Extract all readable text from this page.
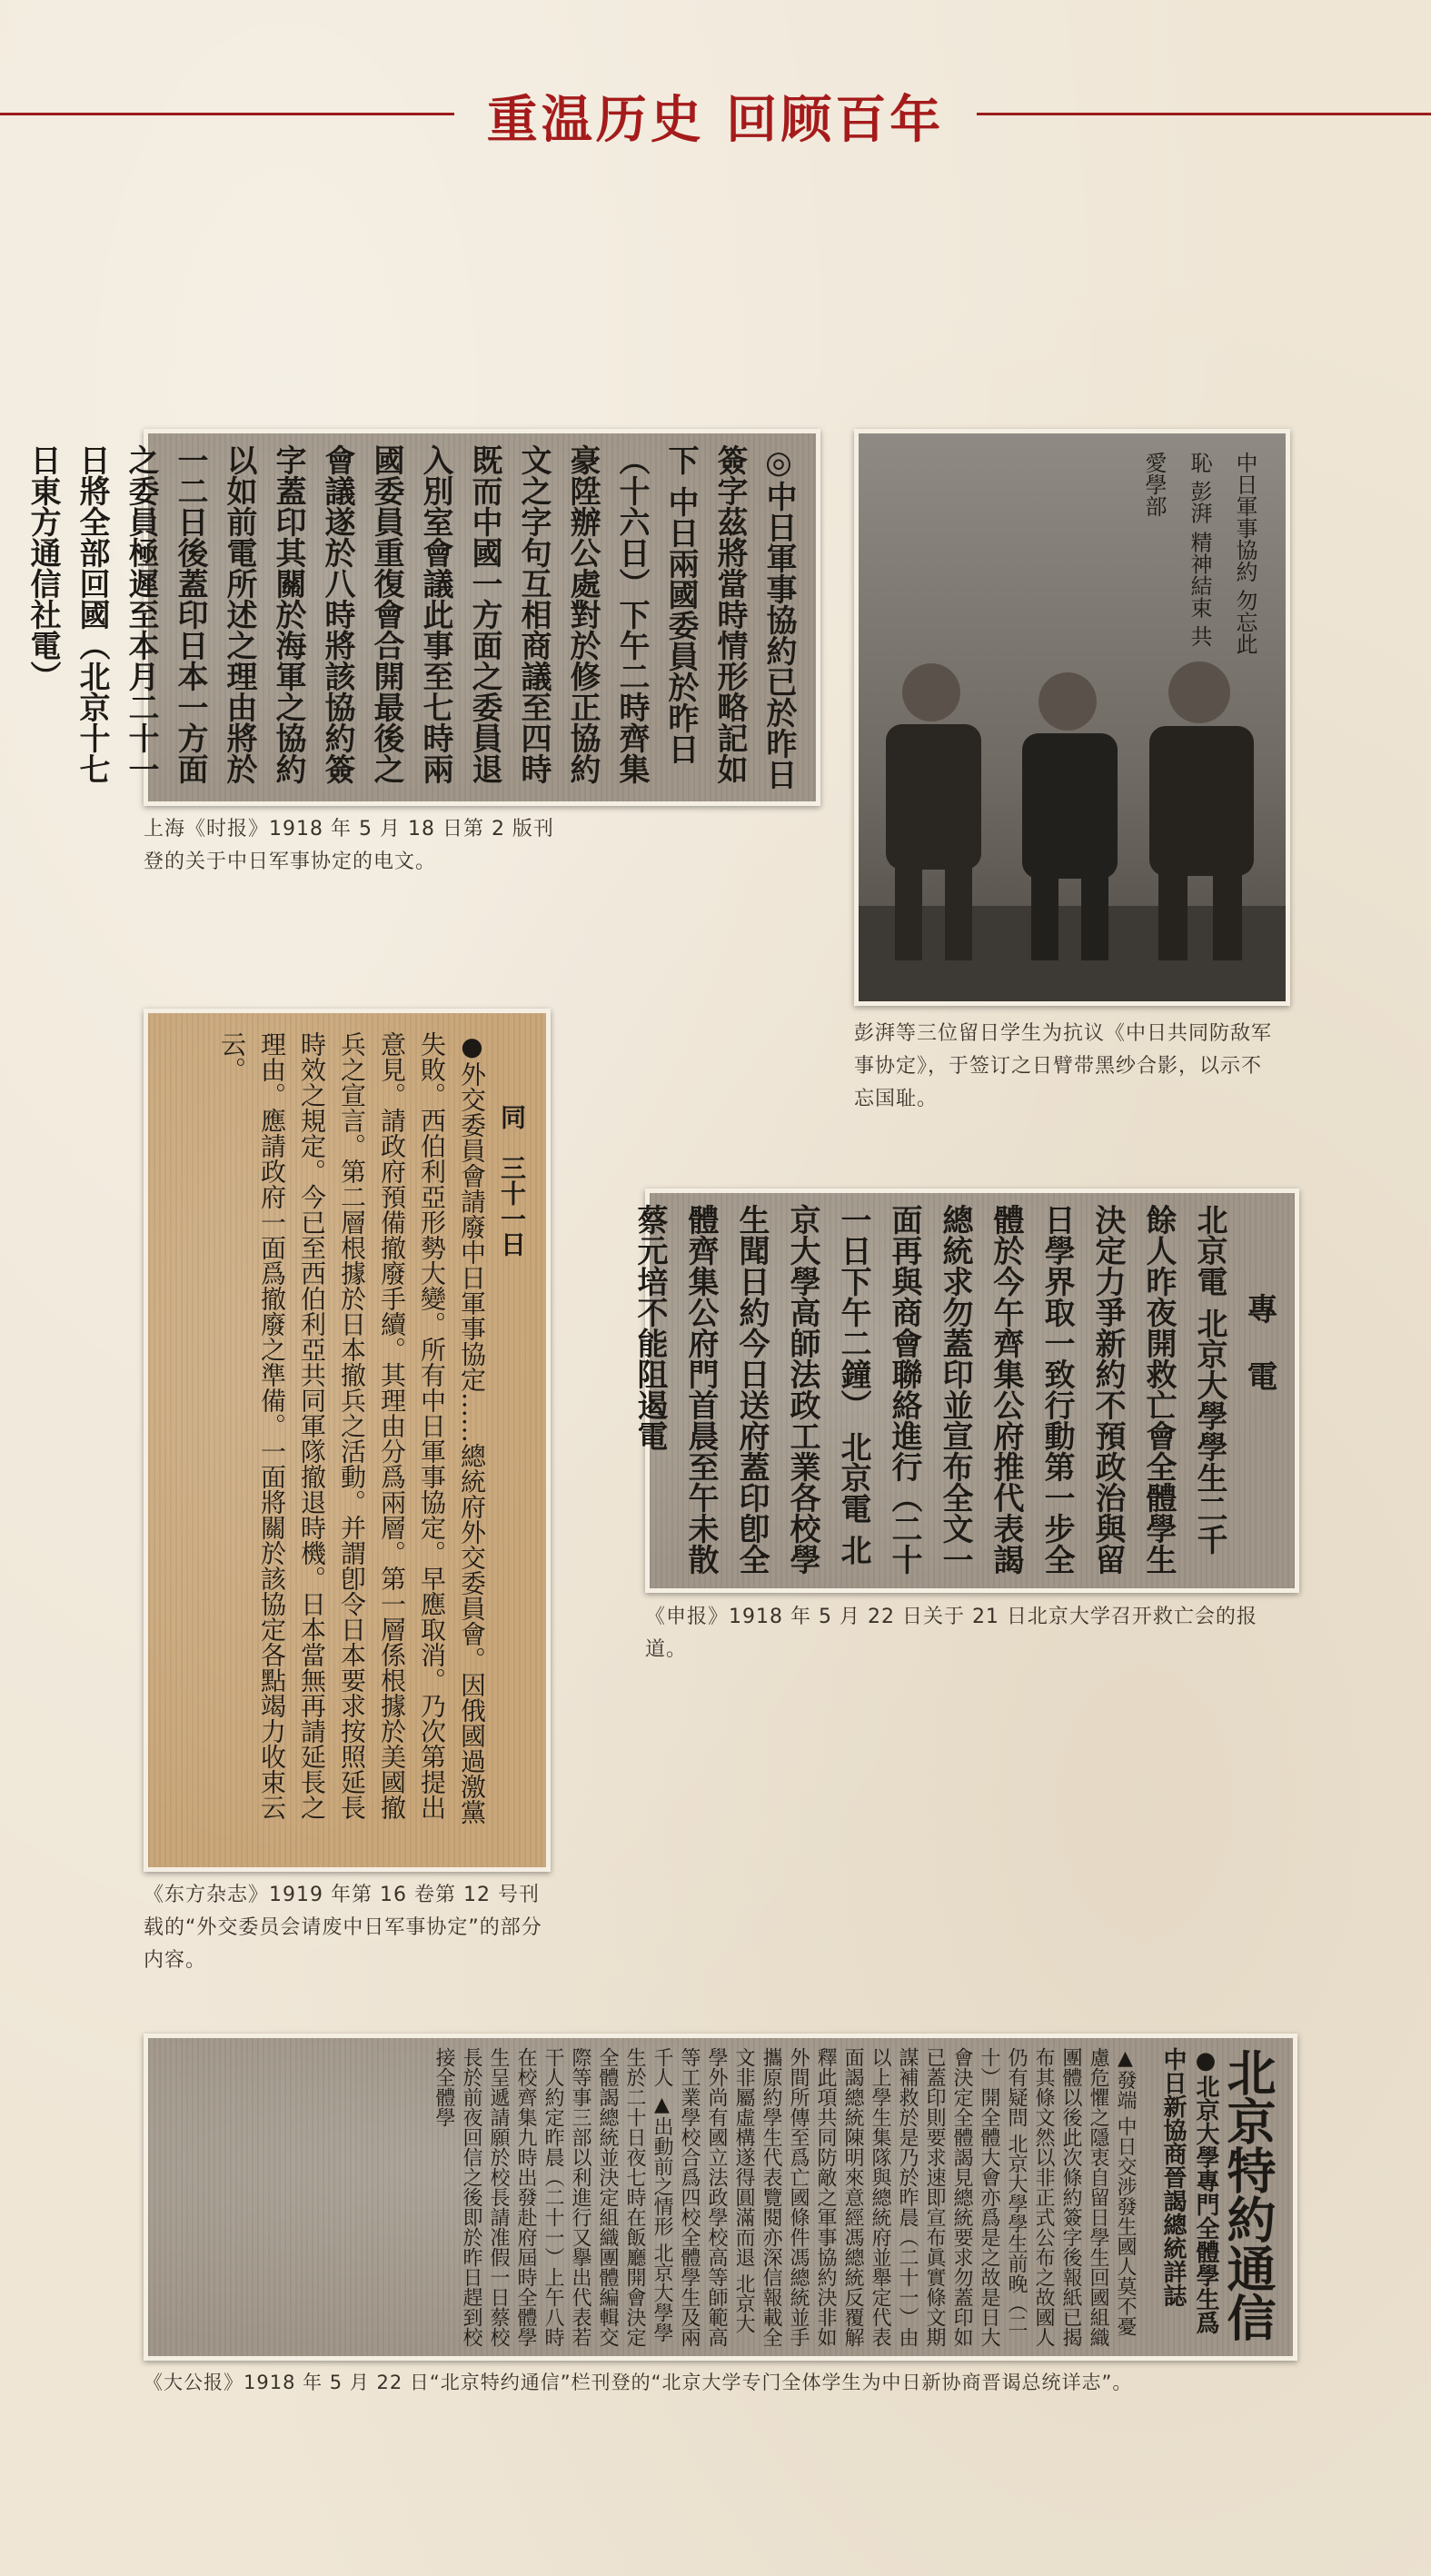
重温历史 回顾百年
◎中日軍事協約已於昨日簽字茲將當時情形略記如下 中日兩國委員於昨日（十六日）下午二時齊集豪陞辦公處對於修正協約文之字句互相商議至四時既而中國一方面之委員退入別室會議此事至七時兩國委員重復會合開最後之會議遂於八時將該協約簽字蓋印其關於海軍之協約以如前電所述之理由將於一二日後蓋印日本一方面之委員極遲至本月二十一日將全部回國（北京十七日東方通信社電）
上海《时报》1918 年 5 月 18 日第 2 版刊登的关于中日军事协定的电文。
中日軍事協約 勿忘此恥 彭湃 精神結束 共愛學部
彭湃等三位留日学生为抗议《中日共同防敌军事协定》，于签订之日臂带黑纱合影，以示不忘国耻。
同　三十一日
●外交委員會請廢中日軍事協定……總統府外交委員會。因俄國過激黨失敗。西伯利亞形勢大變。所有中日軍事協定。早應取消。乃次第提出意見。請政府預備撤廢手續。其理由分爲兩層。第一層係根據於美國撤兵之宣言。第二層根據於日本撤兵之活動。并謂卽令日本要求按照延長時效之規定。今已至西伯利亞共同軍隊撤退時機。日本當無再請延長之理由。應請政府一面爲撤廢之準備。一面將關於該協定各點竭力收束云云。
《东方杂志》1919 年第 16 卷第 12 号刊载的“外交委员会请废中日军事协定”的部分内容。
專電
北京電 北京大學學生二千餘人昨夜開救亡會全體學生決定力爭新約不預政治與留日學界取一致行動第一步全體於今午齊集公府推代表謁總統求勿蓋印並宣布全文一面再與商會聯絡進行（二十一日下午二鐘） 北京電 北京大學高師法政工業各校學生聞日約今日送府蓋印卽全體齊集公府門首晨至午未散蔡元培不能阻遏電
《申报》1918 年 5 月 22 日关于 21 日北京大学召开救亡会的报道。
北京特約通信
●北京大學專門全體學生爲中日新協商晉謁總統詳誌
▲發端 中日交涉發生國人莫不憂慮危懼之隱衷自留日學生回國組織團體以後此次條約簽字後報紙已揭布其條文然以非正式公布之故國人仍有疑問 北京大學學生前晚（二十）開全體大會亦爲是之故是日大會決定全體謁見總統要求勿蓋印如已蓋印則要求速即宣布眞實條文期謀補救於是乃於昨晨（二十一）由以上學生集隊與總統府並舉定代表面謁總統陳明來意經馮總統反覆解釋此項共同防敵之軍事協約決非如外間所傳至爲亡國條件馮總統並手攜原約學生代表覽閱亦深信報載全文非屬虛構遂得圓滿而退 北京大學外尚有國立法政學校高等師範高等工業學校合爲四校全體學生及兩千人 ▲出動前之情形 北京大學學生於二十日夜七時在飯廳開會決定全體謁總統並決定組織團體編輯交際等事三部以利進行又擧出代表若干人約定昨晨（二十一）上午八時在校齊集九時出發赴府屆時全體學生呈遞請願於校長請准假一日蔡校長於前夜回信之後即於昨日趕到校接全體學
《大公报》1918 年 5 月 22 日“北京特约通信”栏刊登的“北京大学专门全体学生为中日新协商晋谒总统详志”。
